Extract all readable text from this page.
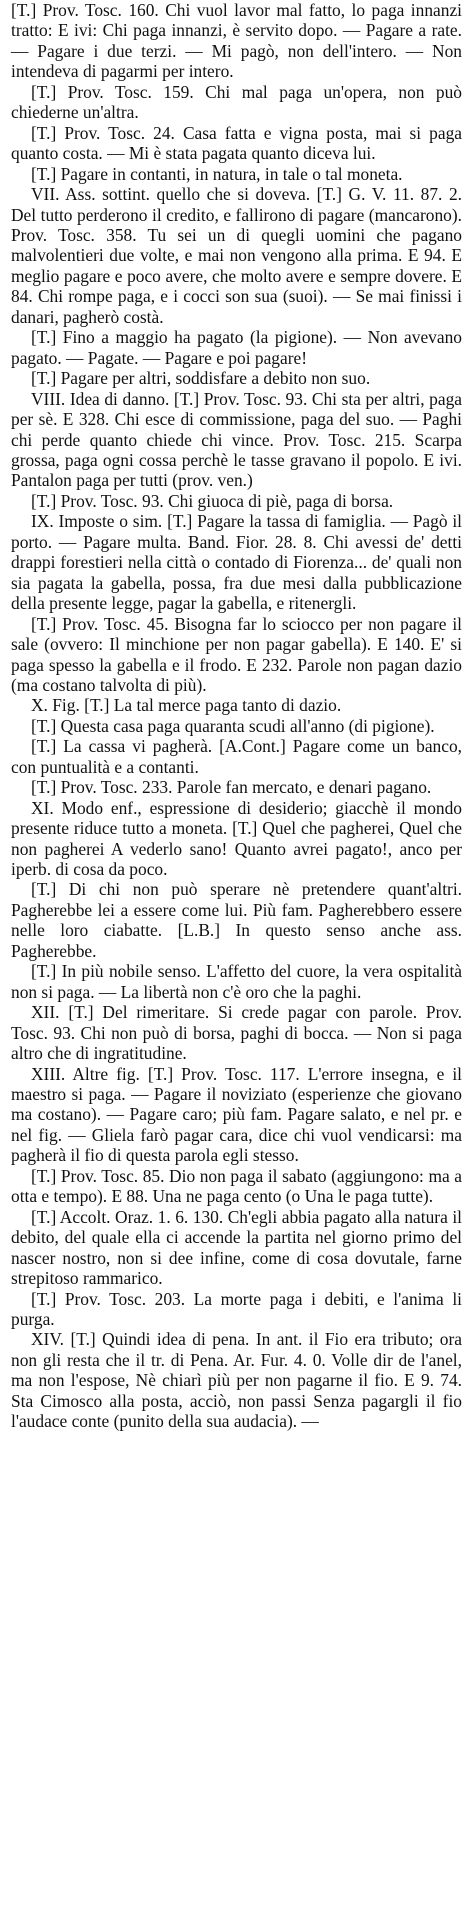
[T.] Prov. Tosc. 160. Chi vuol lavor mal fatto, lo paga innanzi tratto: E ivi: Chi paga innanzi, è servito dopo. — Pagare a rate. — Pagare i due terzi. — Mi pagò, non dell'intero. — Non intendeva di pagarmi per intero.

[T.] Prov. Tosc. 159. Chi mal paga un'opera, non può chiederne un'altra.

[T.] Prov. Tosc. 24. Casa fatta e vigna posta, mai si paga quanto costa. — Mi è stata pagata quanto diceva lui.

[T.] Pagare in contanti, in natura, in tale o tal moneta.

VII. Ass. sottint. quello che si doveva. [T.] G. V. 11. 87. 2. Del tutto perderono il credito, e fallirono di pagare (mancarono). Prov. Tosc. 358. Tu sei un di quegli uomini che pagano malvolentieri due volte, e mai non vengono alla prima. E 94. E meglio pagare e poco avere, che molto avere e sempre dovere. E 84. Chi rompe paga, e i cocci son sua (suoi). — Se mai finissi i danari, pagherò costà.

[T.] Fino a maggio ha pagato (la pigione). — Non avevano pagato. — Pagate. — Pagare e poi pagare!

[T.] Pagare per altri, soddisfare a debito non suo.

VIII. Idea di danno. [T.] Prov. Tosc. 93. Chi sta per altri, paga per sè. E 328. Chi esce di commissione, paga del suo. — Paghi chi perde quanto chiede chi vince. Prov. Tosc. 215. Scarpa grossa, paga ogni cossa perchè le tasse gravano il popolo. E ivi. Pantalon paga per tutti (prov. ven.)

[T.] Prov. Tosc. 93. Chi giuoca di piè, paga di borsa.

IX. Imposte o sim. [T.] Pagare la tassa di famiglia. — Pagò il porto. — Pagare multa. Band. Fior. 28. 8. Chi avessi de' detti drappi forestieri nella città o contado di Fiorenza... de' quali non sia pagata la gabella, possa, fra due mesi dalla pubblicazione della presente legge, pagar la gabella, e ritenergli.

[T.] Prov. Tosc. 45. Bisogna far lo sciocco per non pagare il sale (ovvero: Il minchione per non pagar gabella). E 140. E' si paga spesso la gabella e il frodo. E 232. Parole non pagan dazio (ma costano talvolta di più).

X. Fig. [T.] La tal merce paga tanto di dazio.

[T.] Questa casa paga quaranta scudi all'anno (di pigione).

[T.] La cassa vi pagherà. [A.Cont.] Pagare come un banco, con puntualità e a contanti.

[T.] Prov. Tosc. 233. Parole fan mercato, e denari pagano.

XI. Modo enf., espressione di desiderio; giacchè il mondo presente riduce tutto a moneta. [T.] Quel che pagherei, Quel che non pagherei A vederlo sano! Quanto avrei pagato!, anco per iperb. di cosa da poco.

[T.] Di chi non può sperare nè pretendere quant'altri. Pagherebbe lei a essere come lui. Più fam. Pagherebbero essere nelle loro ciabatte. [L.B.] In questo senso anche ass. Pagherebbe.

[T.] In più nobile senso. L'affetto del cuore, la vera ospitalità non si paga. — La libertà non c'è oro che la paghi.

XII. [T.] Del rimeritare. Si crede pagar con parole. Prov. Tosc. 93. Chi non può di borsa, paghi di bocca. — Non si paga altro che di ingratitudine.

XIII. Altre fig. [T.] Prov. Tosc. 117. L'errore insegna, e il maestro si paga. — Pagare il noviziato (esperienze che giovano ma costano). — Pagare caro; più fam. Pagare salato, e nel pr. e nel fig. — Gliela farò pagar cara, dice chi vuol vendicarsi: ma pagherà il fio di questa parola egli stesso.

[T.] Prov. Tosc. 85. Dio non paga il sabato (aggiungono: ma a otta e tempo). E 88. Una ne paga cento (o Una le paga tutte).

[T.] Accolt. Oraz. 1. 6. 130. Ch'egli abbia pagato alla natura il debito, del quale ella ci accende la partita nel giorno primo del nascer nostro, non si dee infine, come di cosa dovutale, farne strepitoso rammarico.

[T.] Prov. Tosc. 203. La morte paga i debiti, e l'anima li purga.

XIV. [T.] Quindi idea di pena. In ant. il Fio era tributo; ora non gli resta che il tr. di Pena. Ar. Fur. 4. 0. Volle dir de l'anel, ma non l'espose, Nè chiarì più per non pagarne il fio. E 9. 74. Sta Cimosco alla posta, acciò, non passi Senza pagargli il fio l'audace conte (punito della sua audacia). —
